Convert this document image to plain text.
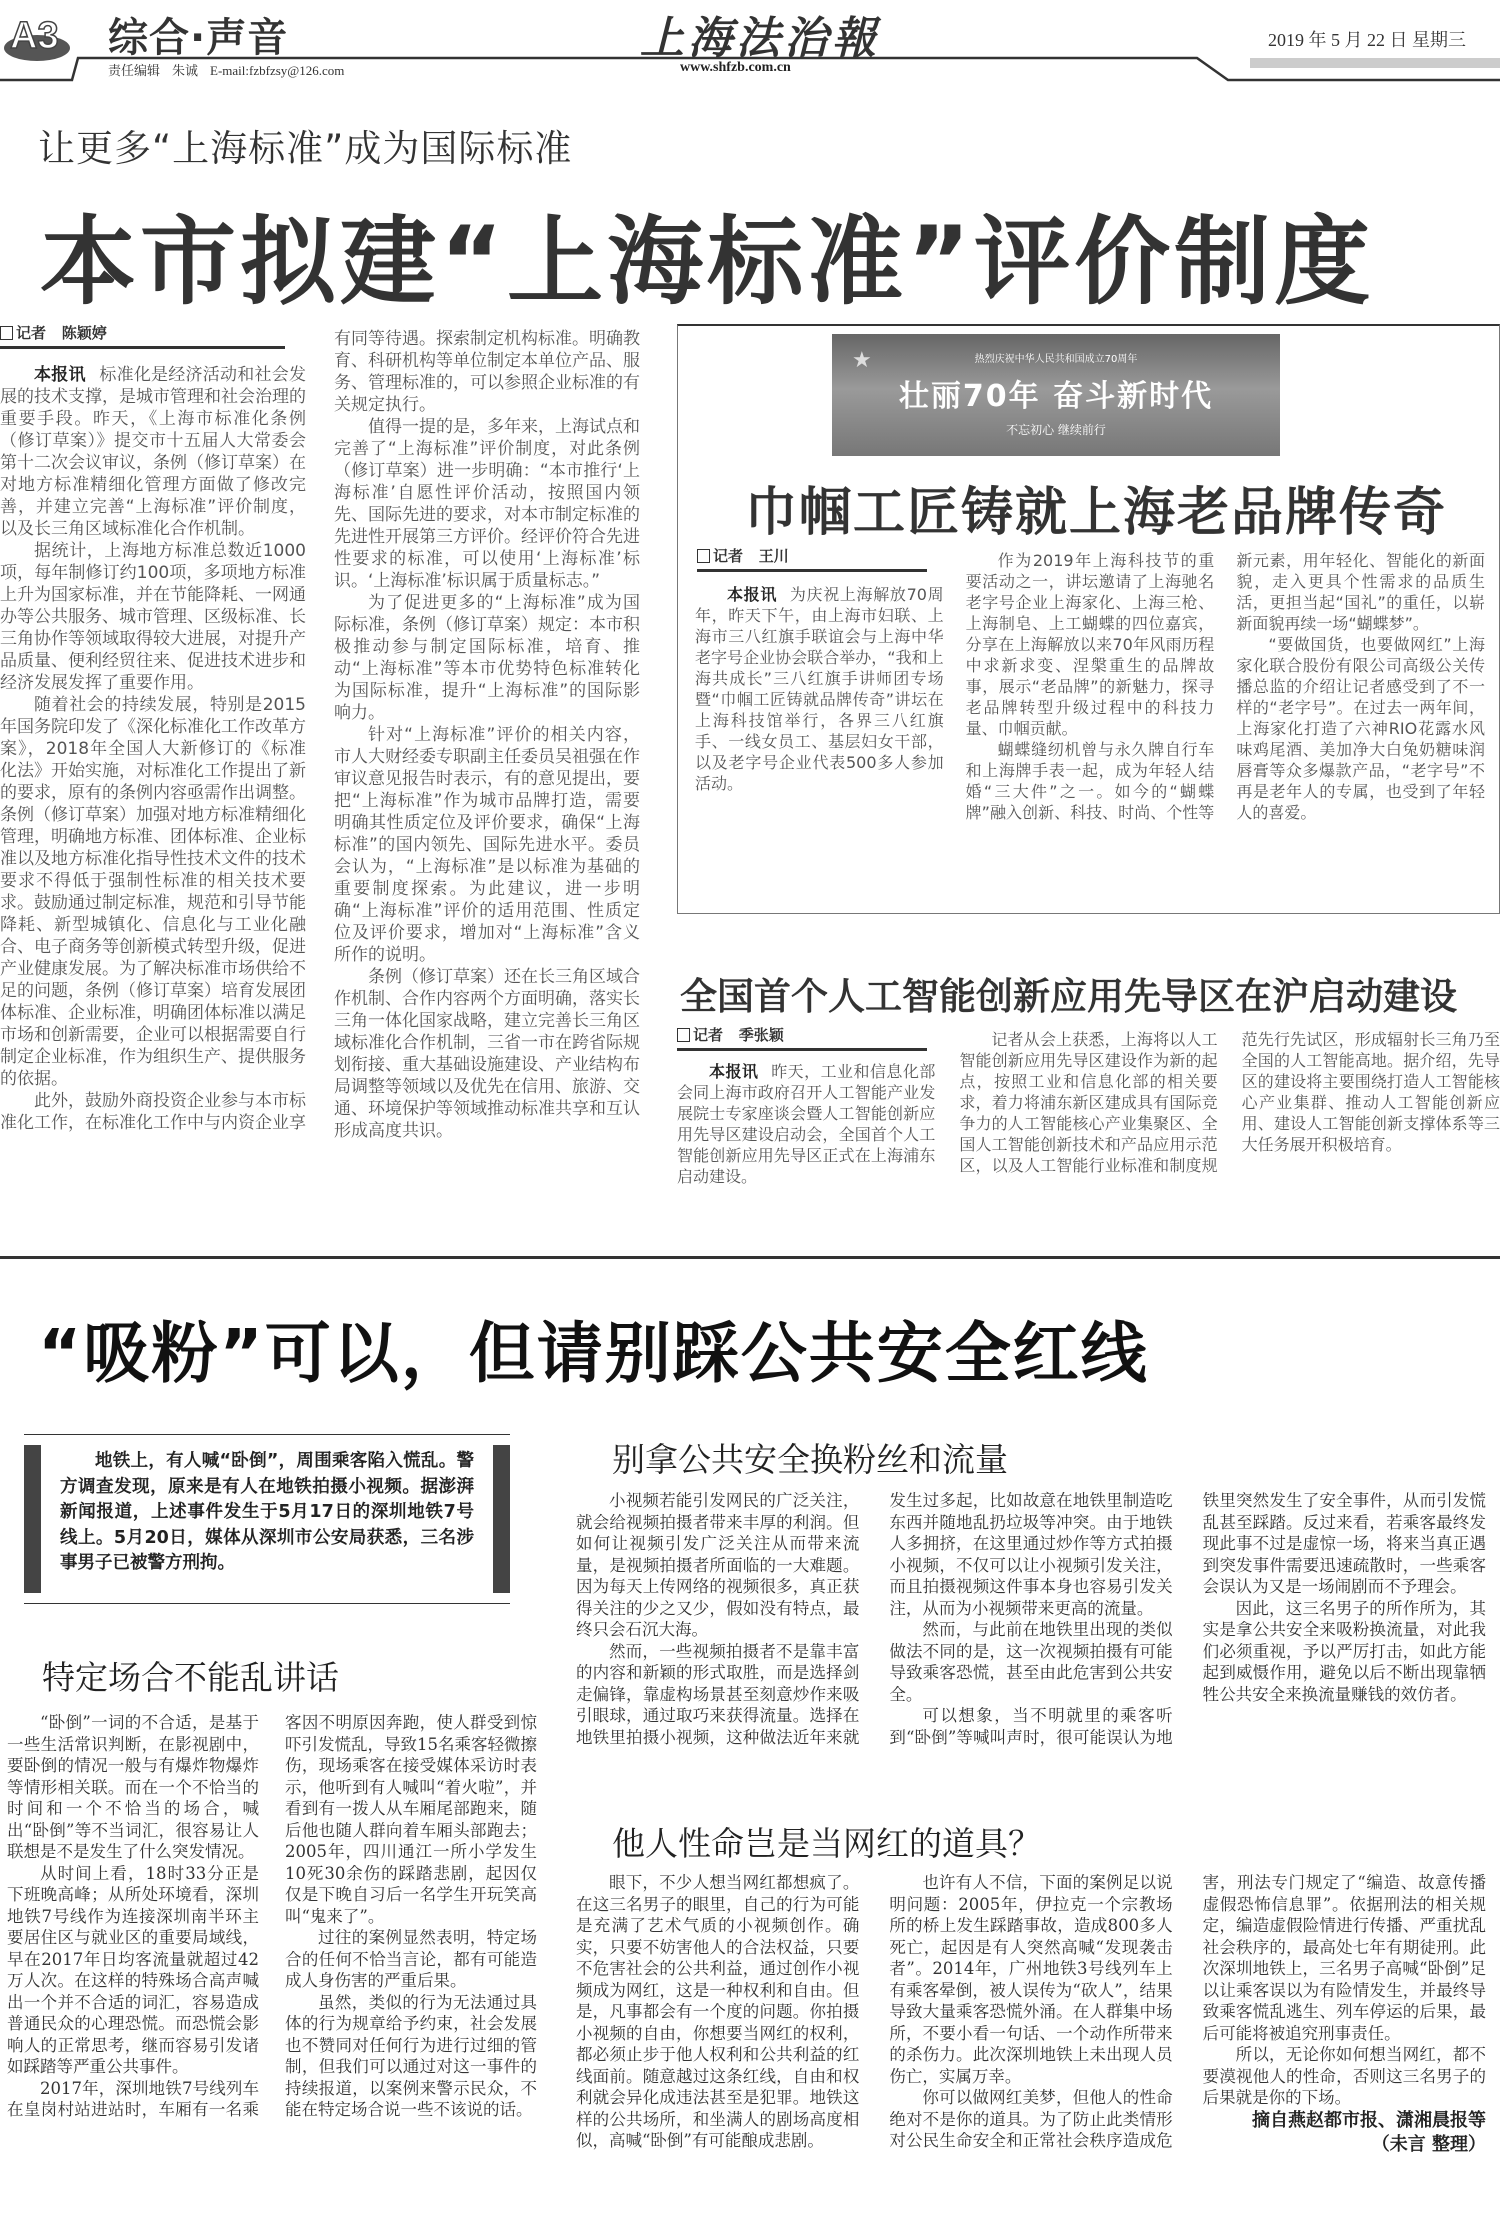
A3 综合·声音
责任编辑 朱诚 E-mail:fzbfzsy@126.com
上海法治報
www.shfzb.com.cn
2019 年 5 月 22 日 星期三
让更多“上海标准”成为国际标准
本市拟建“上海标准”评价制度
记者 陈颖婷

本报讯 标准化是经济活动和社会发展的技术支撑，是城市管理和社会治理的重要手段。昨天，《上海市标准化条例（修订草案）》提交市十五届人大常委会第十二次会议审议，条例（修订草案）在对地方标准精细化管理方面做了修改完善，并建立完善“上海标准”评价制度，以及长三角区域标准化合作机制。

据统计，上海地方标准总数近1000项，每年制修订约100项，多项地方标准上升为国家标准，并在节能降耗、一网通办等公共服务、城市管理、区级标准、长三角协作等领域取得较大进展，对提升产品质量、便利经贸往来、促进技术进步和经济发展发挥了重要作用。

随着社会的持续发展，特别是2015年国务院印发了《深化标准化工作改革方案》，2018年全国人大新修订的《标准化法》开始实施，对标准化工作提出了新的要求，原有的条例内容亟需作出调整。条例（修订草案）加强对地方标准精细化管理，明确地方标准、团体标准、企业标准以及地方标准化指导性技术文件的技术要求不得低于强制性标准的相关技术要求。鼓励通过制定标准，规范和引导节能降耗、新型城镇化、信息化与工业化融合、电子商务等创新模式转型升级，促进产业健康发展。为了解决标准市场供给不足的问题，条例（修订草案）培育发展团体标准、企业标准，明确团体标准以满足市场和创新需要，企业可以根据需要自行制定企业标准，作为组织生产、提供服务的依据。

此外，鼓励外商投资企业参与本市标准化工作，在标准化工作中与内资企业享有同等待遇。探索制定机构标准。明确教育、科研机构等单位制定本单位产品、服务、管理标准的，可以参照企业标准的有关规定执行。

值得一提的是，多年来，上海试点和完善了“上海标准”评价制度，对此条例（修订草案）进一步明确：“本市推行‘上海标准’自愿性评价活动，按照国内领先、国际先进的要求，对本市制定标准的先进性开展第三方评价。经评价符合先进性要求的标准，可以使用‘上海标准’标识。‘上海标准’标识属于质量标志。”

为了促进更多的“上海标准”成为国际标准，条例（修订草案）规定：本市积极推动参与制定国际标准，培育、推动“上海标准”等本市优势特色标准转化为国际标准，提升“上海标准”的国际影响力。

针对“上海标准”评价的相关内容，市人大财经委专职副主任委员吴祖强在作审议意见报告时表示，有的意见提出，要把“上海标准”作为城市品牌打造，需要明确其性质定位及评价要求，确保“上海标准”的国内领先、国际先进水平。委员会认为，“上海标准”是以标准为基础的重要制度探索。为此建议，进一步明确“上海标准”评价的适用范围、性质定位及评价要求，增加对“上海标准”含义所作的说明。

条例（修订草案）还在长三角区域合作机制、合作内容两个方面明确，落实长三角一体化国家战略，建立完善长三角区域标准化合作机制，三省一市在跨省际规划衔接、重大基础设施建设、产业结构布局调整等领域以及优先在信用、旅游、交通、环境保护等领域推动标准共享和互认形成高度共识。

★	热烈庆祝中华人民共和国成立70周年
壮丽70年 奋斗新时代
不忘初心 继续前行
巾帼工匠铸就上海老品牌传奇
记者 王川

本报讯 为庆祝上海解放70周年，昨天下午，由上海市妇联、上海市三八红旗手联谊会与上海中华老字号企业协会联合举办，“我和上海共成长”三八红旗手讲师团专场暨“巾帼工匠铸就品牌传奇”讲坛在上海科技馆举行，各界三八红旗手、一线女员工、基层妇女干部，以及老字号企业代表500多人参加活动。

作为2019年上海科技节的重要活动之一，讲坛邀请了上海驰名老字号企业上海家化、上海三枪、上海制皂、上工蝴蝶的四位嘉宾，分享在上海解放以来70年风雨历程中求新求变、涅槃重生的品牌故事，展示“老品牌”的新魅力，探寻老品牌转型升级过程中的科技力量、巾帼贡献。

蝴蝶缝纫机曾与永久牌自行车和上海牌手表一起，成为年轻人结婚“三大件”之一。如今的“蝴蝶牌”融入创新、科技、时尚、个性等新元素，用年轻化、智能化的新面貌，走入更具个性需求的品质生活，更担当起“国礼”的重任，以崭新面貌再续一场“蝴蝶梦”。

“要做国货，也要做网红”上海家化联合股份有限公司高级公关传播总监的介绍让记者感受到了不一样的“老字号”。在过去一两年间，上海家化打造了六神RIO花露水风味鸡尾酒、美加净大白兔奶糖味润唇膏等众多爆款产品，“老字号”不再是老年人的专属，也受到了年轻人的喜爱。

全国首个人工智能创新应用先导区在沪启动建设
记者 季张颖

本报讯 昨天，工业和信息化部会同上海市政府召开人工智能产业发展院士专家座谈会暨人工智能创新应用先导区建设启动会，全国首个人工智能创新应用先导区正式在上海浦东启动建设。

记者从会上获悉，上海将以人工智能创新应用先导区建设作为新的起点，按照工业和信息化部的相关要求，着力将浦东新区建成具有国际竞争力的人工智能核心产业集聚区、全国人工智能创新技术和产品应用示范区，以及人工智能行业标准和制度规范先行先试区，形成辐射长三角乃至全国的人工智能高地。据介绍，先导区的建设将主要围绕打造人工智能核心产业集群、推动人工智能创新应用、建设人工智能创新支撑体系等三大任务展开积极培育。

“吸粉”可以，但请别踩公共安全红线

地铁上，有人喊“卧倒”，周围乘客陷入慌乱。警方调查发现，原来是有人在地铁拍摄小视频。据澎湃新闻报道，上述事件发生于5月17日的深圳地铁7号线上。5月20日，媒体从深圳市公安局获悉，三名涉事男子已被警方刑拘。

特定场合不能乱讲话

“卧倒”一词的不合适，是基于一些生活常识判断，在影视剧中，要卧倒的情况一般与有爆炸物爆炸等情形相关联。而在一个不恰当的时间和一个不恰当的场合，喊出“卧倒”等不当词汇，很容易让人联想是不是发生了什么突发情况。

从时间上看，18时33分正是下班晚高峰；从所处环境看，深圳地铁7号线作为连接深圳南半环主要居住区与就业区的重要局域线，早在2017年日均客流量就超过42万人次。在这样的特殊场合高声喊出一个并不合适的词汇，容易造成普通民众的心理恐慌。而恐慌会影响人的正常思考，继而容易引发诸如踩踏等严重公共事件。

2017年，深圳地铁7号线列车在皇岗村站进站时，车厢有一名乘客因不明原因奔跑，使人群受到惊吓引发慌乱，导致15名乘客轻微擦伤，现场乘客在接受媒体采访时表示，他听到有人喊叫“着火啦”，并看到有一拨人从车厢尾部跑来，随后他也随人群向着车厢头部跑去；2005年，四川通江一所小学发生10死30余伤的踩踏悲剧，起因仅仅是下晚自习后一名学生开玩笑高叫“鬼来了”。

过往的案例显然表明，特定场合的任何不恰当言论，都有可能造成人身伤害的严重后果。

虽然，类似的行为无法通过具体的行为规章给予约束，社会发展也不赞同对任何行为进行过细的管制，但我们可以通过对这一事件的持续报道，以案例来警示民众，不能在特定场合说一些不该说的话。

别拿公共安全换粉丝和流量

小视频若能引发网民的广泛关注，就会给视频拍摄者带来丰厚的利润。但如何让视频引发广泛关注从而带来流量，是视频拍摄者所面临的一大难题。因为每天上传网络的视频很多，真正获得关注的少之又少，假如没有特点，最终只会石沉大海。

然而，一些视频拍摄者不是靠丰富的内容和新颖的形式取胜，而是选择剑走偏锋，靠虚构场景甚至刻意炒作来吸引眼球，通过取巧来获得流量。选择在地铁里拍摄小视频，这种做法近年来就发生过多起，比如故意在地铁里制造吃东西并随地乱扔垃圾等冲突。由于地铁人多拥挤，在这里通过炒作等方式拍摄小视频，不仅可以让小视频引发关注，而且拍摄视频这件事本身也容易引发关注，从而为小视频带来更高的流量。

然而，与此前在地铁里出现的类似做法不同的是，这一次视频拍摄有可能导致乘客恐慌，甚至由此危害到公共安全。

可以想象，当不明就里的乘客听到“卧倒”等喊叫声时，很可能误认为地铁里突然发生了安全事件，从而引发慌乱甚至踩踏。反过来看，若乘客最终发现此事不过是虚惊一场，将来当真正遇到突发事件需要迅速疏散时，一些乘客会误认为又是一场闹剧而不予理会。

因此，这三名男子的所作所为，其实是拿公共安全来吸粉换流量，对此我们必须重视，予以严厉打击，如此方能起到威慑作用，避免以后不断出现靠牺牲公共安全来换流量赚钱的效仿者。

他人性命岂是当网红的道具？

眼下，不少人想当网红都想疯了。在这三名男子的眼里，自己的行为可能是充满了艺术气质的小视频创作。确实，只要不妨害他人的合法权益，只要不危害社会的公共利益，通过创作小视频成为网红，这是一种权利和自由。但是，凡事都会有一个度的问题。你拍摄小视频的自由，你想要当网红的权利，都必须止步于他人权利和公共利益的红线面前。随意越过这条红线，自由和权利就会异化成违法甚至是犯罪。地铁这样的公共场所，和坐满人的剧场高度相似，高喊“卧倒”有可能酿成悲剧。

也许有人不信，下面的案例足以说明问题：2005年，伊拉克一个宗教场所的桥上发生踩踏事故，造成800多人死亡，起因是有人突然高喊“发现袭击者”。2014年，广州地铁3号线列车上有乘客晕倒，被人误传为“砍人”，结果导致大量乘客恐慌外涌。在人群集中场所，不要小看一句话、一个动作所带来的杀伤力。此次深圳地铁上未出现人员伤亡，实属万幸。

你可以做网红美梦，但他人的性命绝对不是你的道具。为了防止此类情形对公民生命安全和正常社会秩序造成危害，刑法专门规定了“编造、故意传播虚假恐怖信息罪”。依据刑法的相关规定，编造虚假险情进行传播、严重扰乱社会秩序的，最高处七年有期徒刑。此次深圳地铁上，三名男子高喊“卧倒”足以让乘客误以为有险情发生，并最终导致乘客慌乱逃生、列车停运的后果，最后可能将被追究刑事责任。

所以，无论你如何想当网红，都不要漠视他人的性命，否则这三名男子的后果就是你的下场。

摘自燕赵都市报、潇湘晨报等
（未言 整理）
